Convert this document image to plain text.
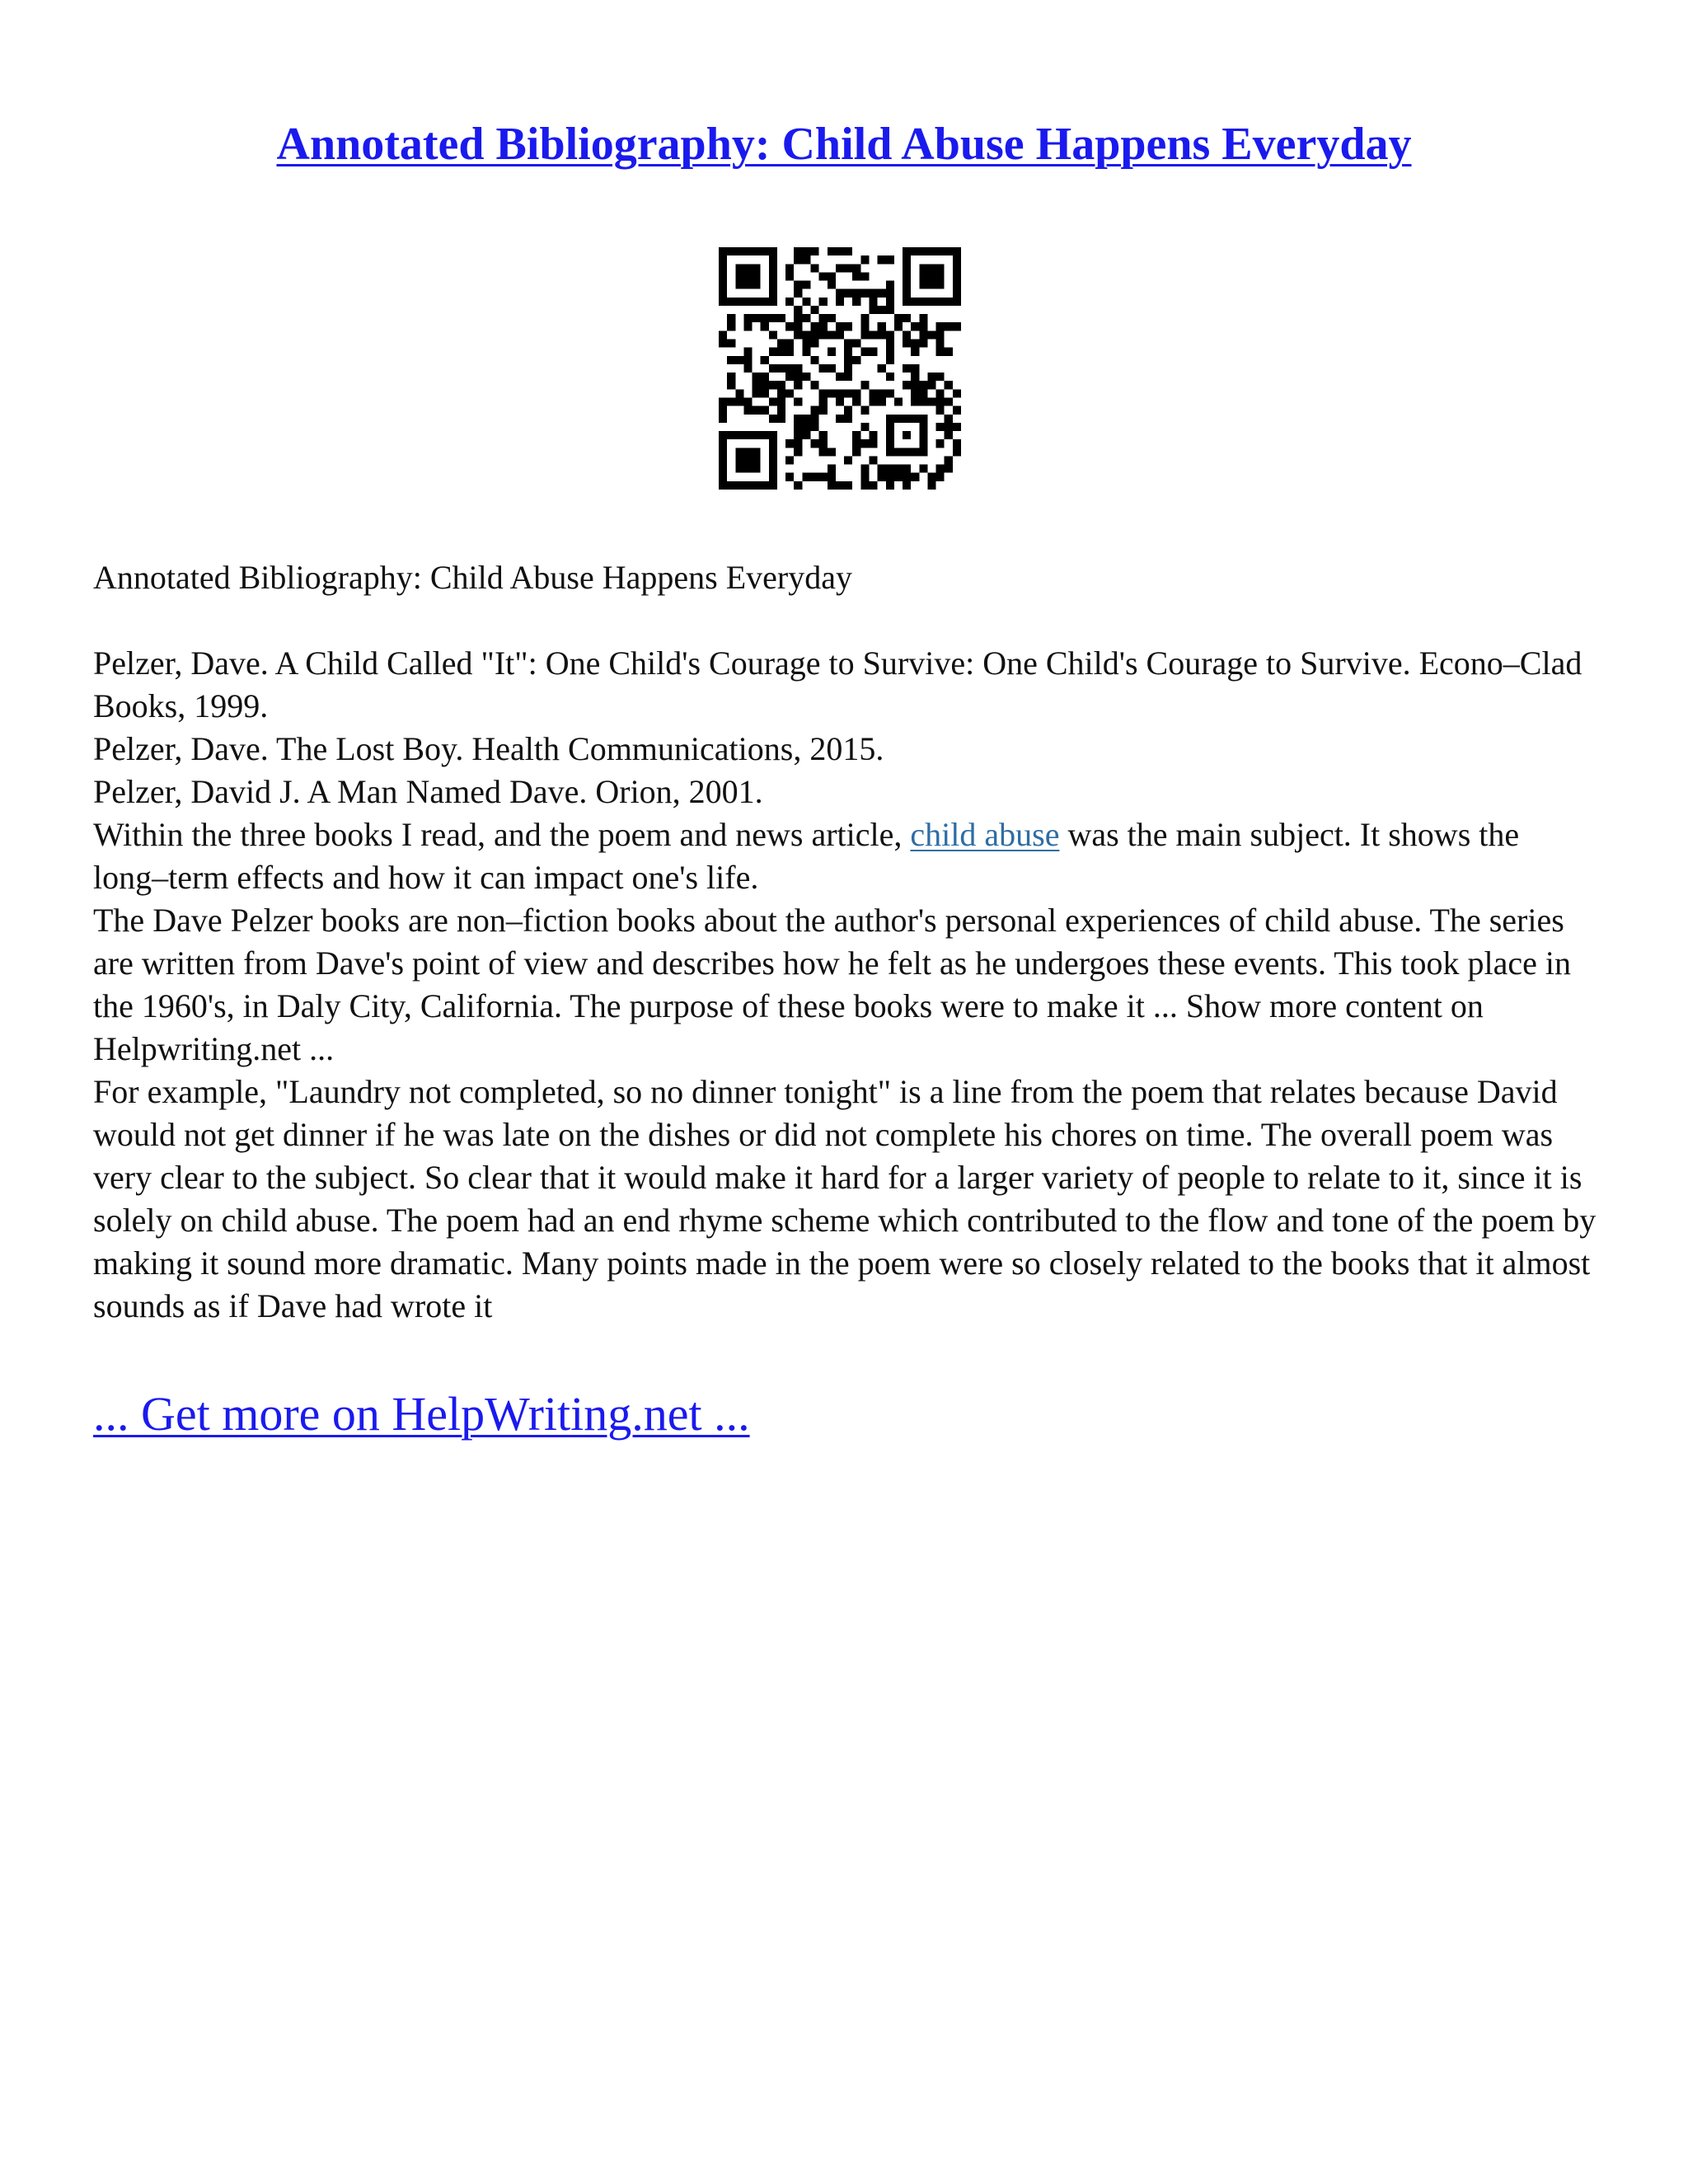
Annotated Bibliography: Child Abuse Happens Everyday

Annotated Bibliography: Child Abuse Happens Everyday

Pelzer, Dave. A Child Called "It": One Child's Courage to Survive: One Child's Courage to Survive. Econo–Clad Books, 1999.

Pelzer, Dave. The Lost Boy. Health Communications, 2015.

Pelzer, David J. A Man Named Dave. Orion, 2001.

Within the three books I read, and the poem and news article, child abuse was the main subject. It shows the long–term effects and how it can impact one's life.

The Dave Pelzer books are non–fiction books about the author's personal experiences of child abuse. The series are written from Dave's point of view and describes how he felt as he undergoes these events. This took place in the 1960's, in Daly City, California. The purpose of these books were to make it ... Show more content on Helpwriting.net ...

For example, "Laundry not completed, so no dinner tonight" is a line from the poem that relates because David would not get dinner if he was late on the dishes or did not complete his chores on time. The overall poem was very clear to the subject. So clear that it would make it hard for a larger variety of people to relate to it, since it is solely on child abuse. The poem had an end rhyme scheme which contributed to the flow and tone of the poem by making it sound more dramatic. Many points made in the poem were so closely related to the books that it almost sounds as if Dave had wrote it

... Get more on HelpWriting.net ...
